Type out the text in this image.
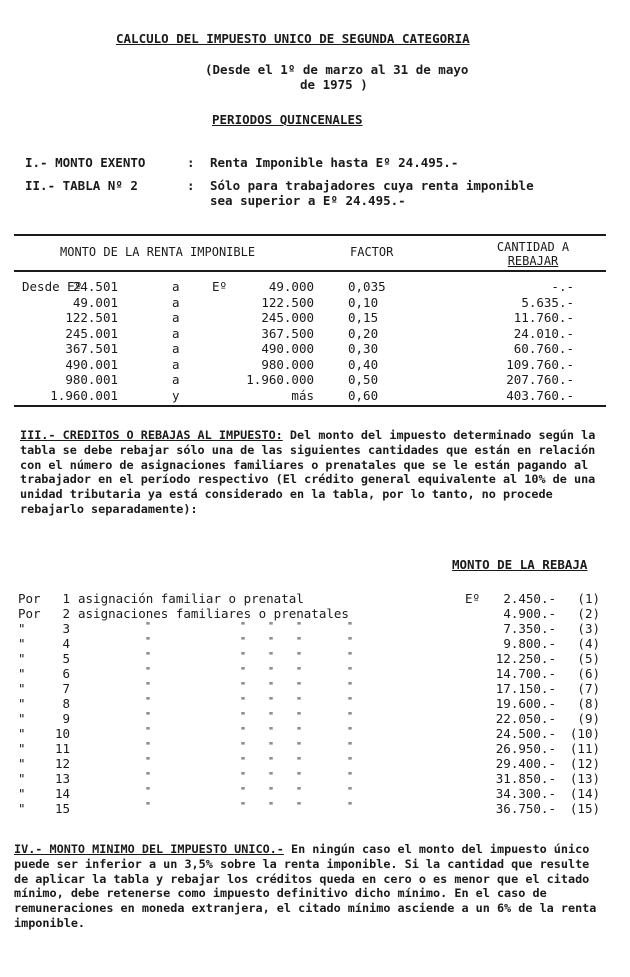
CALCULO DEL IMPUESTO UNICO DE SEGUNDA CATEGORIA
(Desde el 1º de marzo al 31 de mayo
de 1975 )
PERIODOS QUINCENALES
I.- MONTO EXENTO	: Renta Imponible hasta Eº 24.495.-
II.- TABLA Nº 2	: Sólo para trabajadores cuya renta imponible
sea superior a Eº 24.495.-
MONTO DE LA RENTA IMPONIBLE	FACTOR	CANTIDAD A
REBAJAR
Desde Eº
24.501	a	Eº	49.000	0,035	-.-
49.001	a	122.500	0,10	5.635.-
122.501	a	245.000	0,15	11.760.-
245.001	a	367.500	0,20	24.010.-
367.501	a	490.000	0,30	60.760.-
490.001	a	980.000	0,40	109.760.-
980.001	a	1.960.000	0,50	207.760.-
1.960.001	y	más	0,60	403.760.-
III.- CREDITOS O REBAJAS AL IMPUESTO: Del monto del impuesto determinado según la tabla se debe rebajar sólo una de las siguientes cantidades que están en relación con el número de asignaciones familiares o prenatales que se le están pagando al trabajador en el período respectivo (El crédito general equivalente al 10% de una unidad tributaria ya está considerado en la tabla, por lo tanto, no procede rebajarlo separadamente):
MONTO DE LA REBAJA
Por	1 asignación familiar o prenatal	Eº	2.450.-	(1)
Por	2 asignaciones familiares o prenatales	4.900.-	(2)
"	3	7.350.-	(3)
"	" " "	"
"	4	9.800.-	(4)
"	" " "	"
"	5	12.250.-	(5)
"	" " "	"
"	6	14.700.-	(6)
"	" " "	"
"	7	17.150.-	(7)
"	" " "	"
"	8	19.600.-	(8)
"	" " "	"
"	9	22.050.-	(9)
"	" " "	"
"	10	24.500.-	(10)
"	" " "	"
"	11	26.950.-	(11)
"	" " "	"
"	12	29.400.-	(12)
"	" " "	"
"	13	31.850.-	(13)
"	" " "	"
"	14	34.300.-	(14)
"	" " "	"
"	15	36.750.-	(15)
"	" " "	"
IV.- MONTO MINIMO DEL IMPUESTO UNICO.- En ningún caso el monto del impuesto único puede ser inferior a un 3,5% sobre la renta imponible. Si la cantidad que resulte de aplicar la tabla y rebajar los créditos queda en cero o es menor que el citado mínimo, debe retenerse como impuesto definitivo dicho mínimo. En el caso de remuneraciones en moneda extranjera, el citado mínimo asciende a un 6% de la renta imponible.
